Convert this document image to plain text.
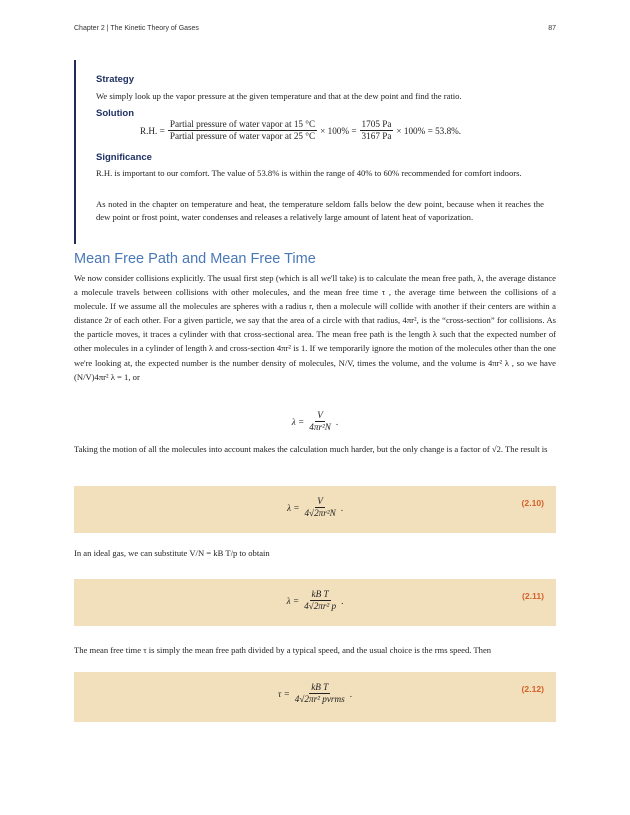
Chapter 2 | The Kinetic Theory of Gases	87
Strategy
We simply look up the vapor pressure at the given temperature and that at the dew point and find the ratio.
Solution
R.H. = $\frac{\text{Partial pressure of water vapor at 15 °C}}{\text{Partial pressure of water vapor at 25 °C}} \times 100\% = \frac{1705 Pa}{3167 Pa} \times 100\% = 53.8\%$.
Significance
R.H. is important to our comfort. The value of 53.8% is within the range of 40% to 60% recommended for comfort indoors.
As noted in the chapter on temperature and heat, the temperature seldom falls below the dew point, because when it reaches the dew point or frost point, water condenses and releases a relatively large amount of latent heat of vaporization.
Mean Free Path and Mean Free Time
We now consider collisions explicitly. The usual first step (which is all we'll take) is to calculate the mean free path, λ, the average distance a molecule travels between collisions with other molecules, and the mean free time τ , the average time between the collisions of a molecule. If we assume all the molecules are spheres with a radius r, then a molecule will collide with another if their centers are within a distance 2r of each other. For a given particle, we say that the area of a circle with that radius, 4πr², is the “cross-section” for collisions. As the particle moves, it traces a cylinder with that cross-sectional area. The mean free path is the length λ such that the expected number of other molecules in a cylinder of length λ and cross-section 4πr² is 1. If we temporarily ignore the motion of the molecules other than the one we're looking at, the expected number is the number density of molecules, N/V, times the volume, and the volume is 4πr² λ , so we have (N/V)4πr² λ = 1, or
$\lambda = \frac{V}{\text{4πr²N}}$ .
Taking the motion of all the molecules into account makes the calculation much harder, but the only change is a factor of √2. The result is
$\lambda = \frac{V}{\text{4√2πr²N}}$ .	(2.10)
In an ideal gas, we can substitute V/N = kB T/p to obtain
$\lambda = \frac{\text{kB T}}{\text{4√2πr² p}}$ .	(2.11)
The mean free time τ is simply the mean free path divided by a typical speed, and the usual choice is the rms speed. Then
$\tau = \frac{\text{kB T}}{\text{4√2πr² pvrms}}$ .	(2.12)
